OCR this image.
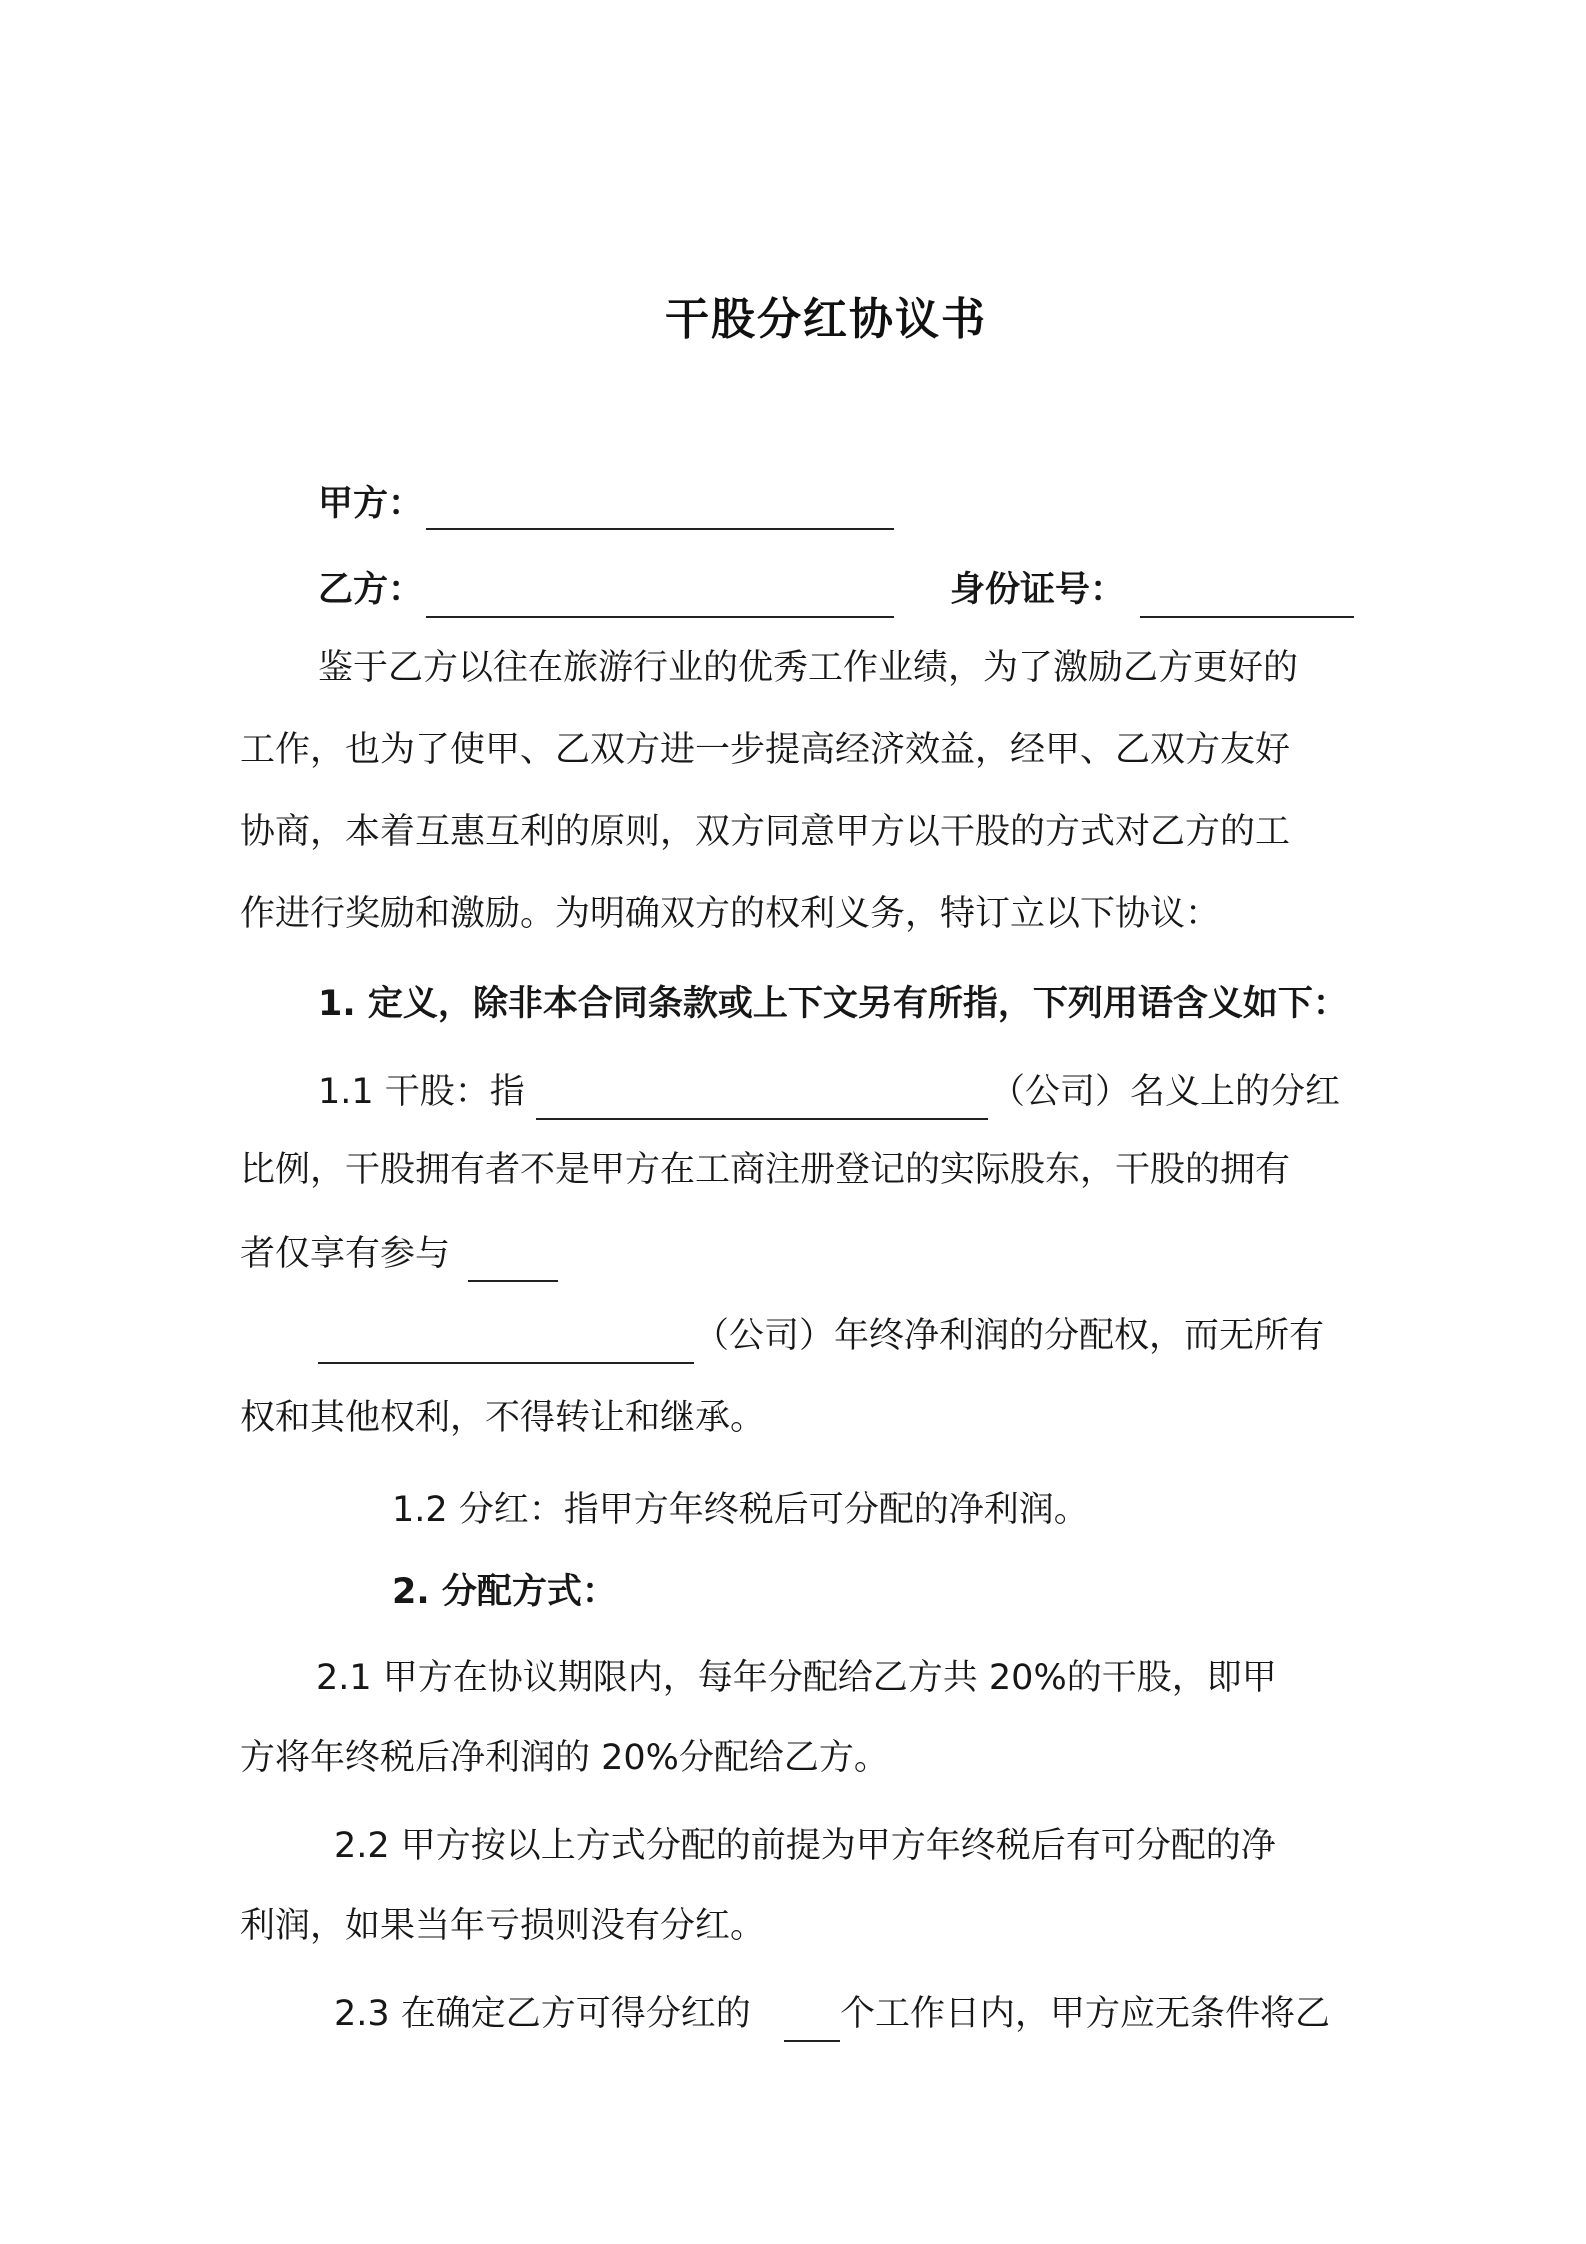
干股分红协议书
甲方：
乙方：	身份证号：
鉴于乙方以往在旅游行业的优秀工作业绩，为了激励乙方更好的
工作，也为了使甲、乙双方进一步提高经济效益，经甲、乙双方友好
协商，本着互惠互利的原则，双方同意甲方以干股的方式对乙方的工
作进行奖励和激励。为明确双方的权利义务，特订立以下协议：
1. 定义，除非本合同条款或上下文另有所指，下列用语含义如下：
1.1 干股：指	（公司）名义上的分红
比例，干股拥有者不是甲方在工商注册登记的实际股东，干股的拥有
者仅享有参与
（公司）年终净利润的分配权，而无所有
权和其他权利，不得转让和继承。
1.2 分红：指甲方年终税后可分配的净利润。
2. 分配方式：
2.1 甲方在协议期限内，每年分配给乙方共 20%的干股，即甲
方将年终税后净利润的 20%分配给乙方。
2.2 甲方按以上方式分配的前提为甲方年终税后有可分配的净
利润，如果当年亏损则没有分红。
2.3 在确定乙方可得分红的	个工作日内，甲方应无条件将乙
